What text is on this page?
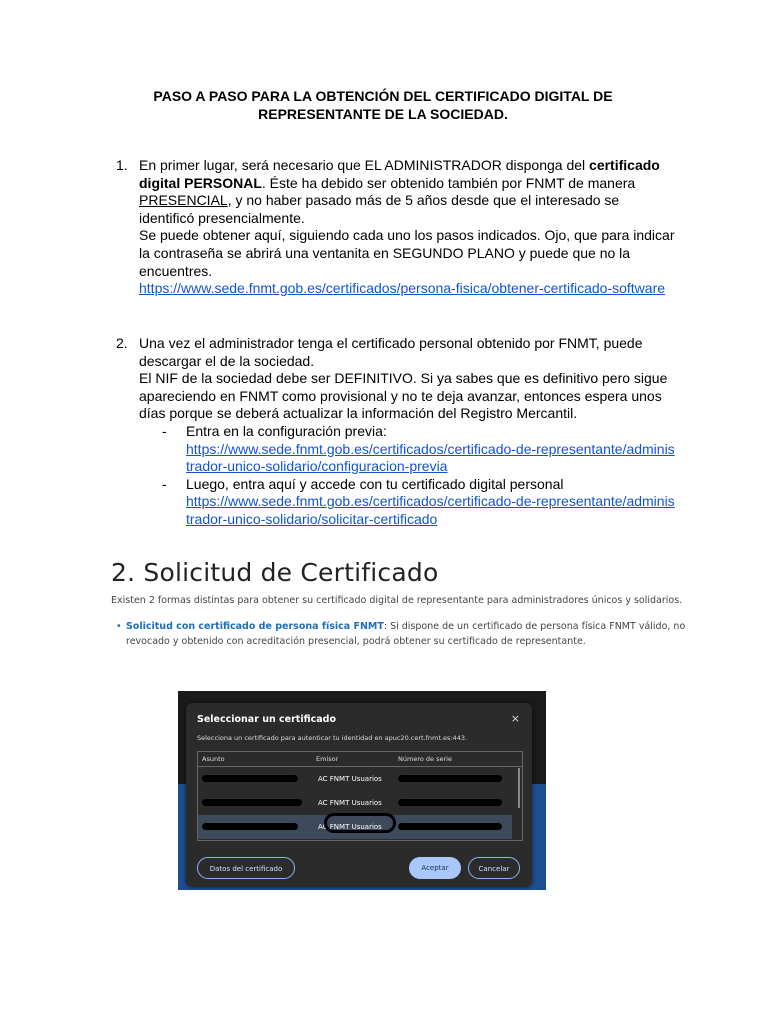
PASO A PASO PARA LA OBTENCIÓN DEL CERTIFICADO DIGITAL DE
REPRESENTANTE DE LA SOCIEDAD.
1. En primer lugar, será necesario que EL ADMINISTRADOR disponga del certificado digital PERSONAL. Éste ha debido ser obtenido también por FNMT de manera PRESENCIAL, y no haber pasado más de 5 años desde que el interesado se identificó presencialmente.
Se puede obtener aquí, siguiendo cada uno los pasos indicados. Ojo, que para indicar la contraseña se abrirá una ventanita en SEGUNDO PLANO y puede que no la encuentres.
https://www.sede.fnmt.gob.es/certificados/persona-fisica/obtener-certificado-software
2. Una vez el administrador tenga el certificado personal obtenido por FNMT, puede descargar el de la sociedad.
El NIF de la sociedad debe ser DEFINITIVO. Si ya sabes que es definitivo pero sigue apareciendo en FNMT como provisional y no te deja avanzar, entonces espera unos días porque se deberá actualizar la información del Registro Mercantil.
- Entra en la configuración previa:
https://www.sede.fnmt.gob.es/certificados/certificado-de-representante/administrador-unico-solidario/configuracion-previa
- Luego, entra aquí y accede con tu certificado digital personal
https://www.sede.fnmt.gob.es/certificados/certificado-de-representante/administrador-unico-solidario/solicitar-certificado
2. Solicitud de Certificado
Existen 2 formas distintas para obtener su certificado digital de representante para administradores únicos y solidarios.
• Solicitud con certificado de persona física FNMT: Si dispone de un certificado de persona física FNMT válido, no revocado y obtenido con acreditación presencial, podrá obtener su certificado de representante.
Seleccionar un certificado	×
Selecciona un certificado para autenticar tu identidad en apuc20.cert.fnmt.es:443.
Asunto	Emisor	Número de serie
AC FNMT Usuarios
AC FNMT Usuarios
AC FNMT Usuarios
Datos del certificado	Aceptar	Cancelar
